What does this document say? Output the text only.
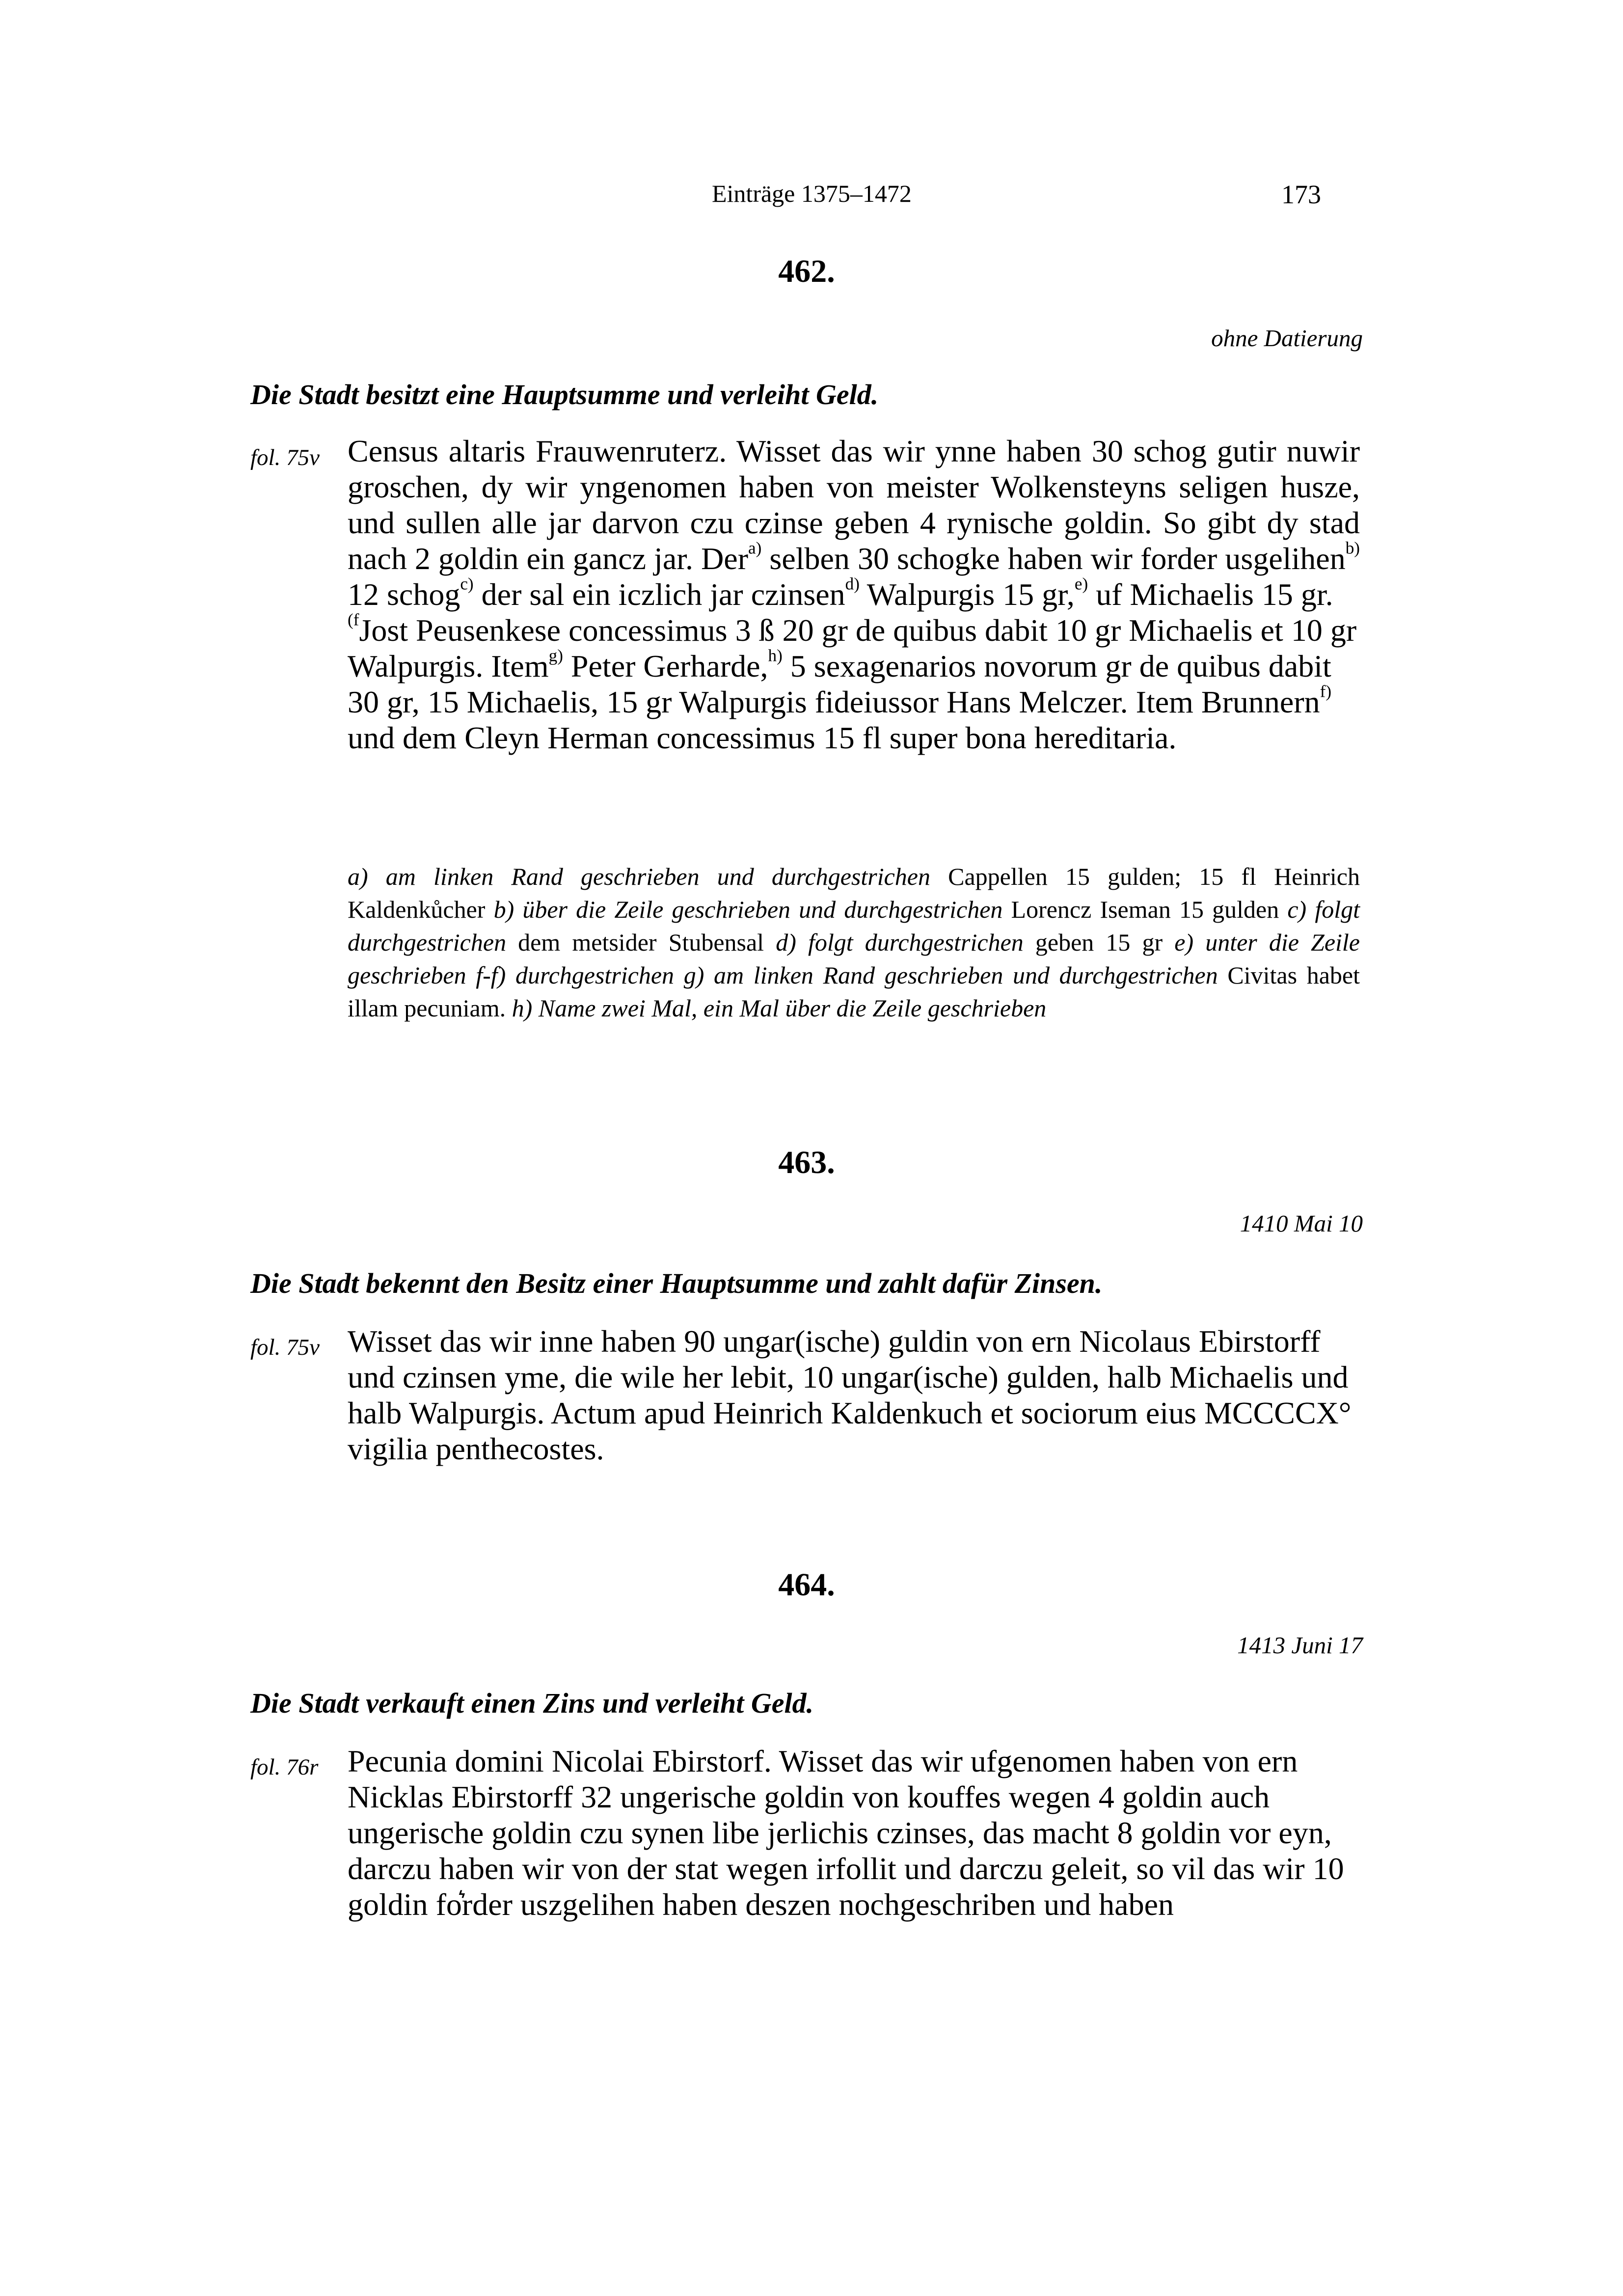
Einträge 1375–1472	173
462.
ohne Datierung
Die Stadt besitzt eine Hauptsumme und verleiht Geld.
fol. 75v Census altaris Frauwenruterz. Wisset das wir ynne haben 30 schog gutir nuwir groschen, dy wir yngenomen haben von meister Wolkensteyns seligen husze, und sullen alle jar darvon czu czinse geben 4 rynische goldin. So gibt dy stad nach 2 goldin ein gancz jar. Der$^{a)}$ selben 30 schogke haben wir forder usgelihen$^{b)}$ 12 schog$^{c)}$ der sal ein iczlich jar czinsen$^{d)}$ Walpurgis 15 gr,$^{e)}$ uf Michaelis 15 gr.

$^{(f}$Jost Peusenkese concessimus 3 ß 20 gr de quibus dabit 10 gr Michaelis et 10 gr Walpurgis. Item$^{g)}$ Peter Gerharde,$^{h)}$ 5 sexagenarios novorum gr de quibus dabit 30 gr, 15 Michaelis, 15 gr Walpurgis fideiussor Hans Melczer. Item Brunnern$^{f)}$ und dem Cleyn Herman concessimus 15 fl super bona hereditaria.

a) am linken Rand geschrieben und durchgestrichen Cappellen 15 gulden; 15 fl Heinrich Kaldenkůcher b) über die Zeile geschrieben und durchgestrichen Lorencz Iseman 15 gulden c) folgt durchgestrichen dem metsider Stubensal d) folgt durchgestrichen geben 15 gr e) unter die Zeile geschrieben f-f) durchgestrichen g) am linken Rand geschrieben und durchgestrichen Civitas habet illam pecuniam. h) Name zwei Mal, ein Mal über die Zeile geschrieben
463.
1410 Mai 10
Die Stadt bekennt den Besitz einer Hauptsumme und zahlt dafür Zinsen.
fol. 75v Wisset das wir inne haben 90 ungar(ische) guldin von ern Nicolaus Ebirstorff und czinsen yme, die wile her lebit, 10 ungar(ische) gulden, halb Michaelis und halb Walpurgis. Actum apud Heinrich Kaldenkuch et sociorum eius MCCCCX° vigilia penthecostes.

464.
1413 Juni 17
Die Stadt verkauft einen Zins und verleiht Geld.
fol. 76r Pecunia domini Nicolai Ebirstorf. Wisset das wir ufgenomen haben von ern Nicklas Ebirstorff 32 ungerische goldin von kouffes wegen 4 goldin auch ungerische goldin czu synen libe jerlichis czinses, das macht 8 goldin vor eyn, darczu haben wir von der stat wegen irfollit und darczu geleit, so vil das wir 10 goldin fo͛rder uszgelihen haben deszen nochgeschriben und haben
